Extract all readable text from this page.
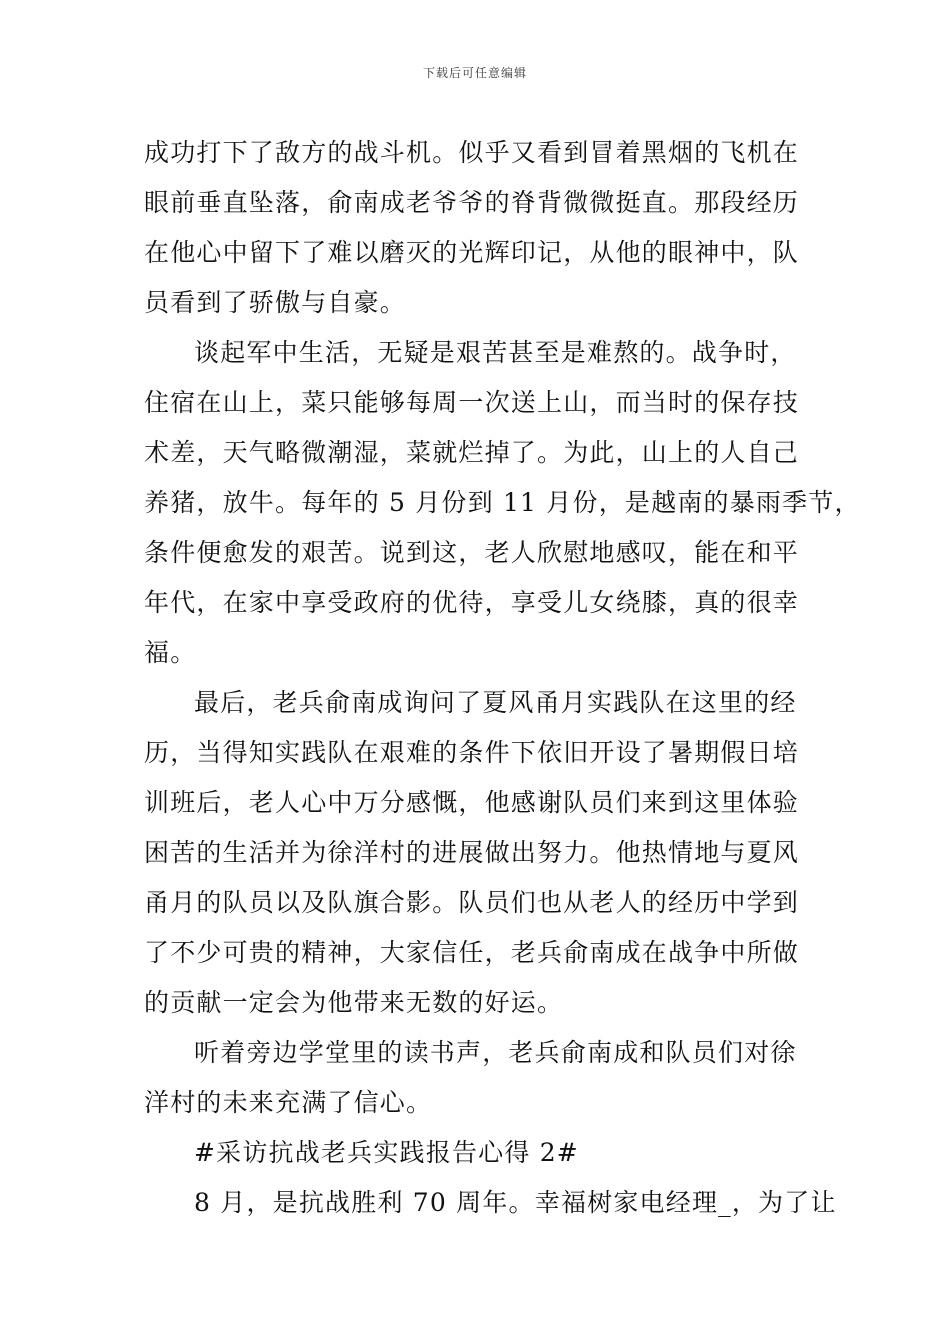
下载后可任意编辑
成功打下了敌方的战斗机。似乎又看到冒着黑烟的飞机在
眼前垂直坠落，俞南成老爷爷的脊背微微挺直。那段经历
在他心中留下了难以磨灭的光辉印记，从他的眼神中，队
员看到了骄傲与自豪。
谈起军中生活，无疑是艰苦甚至是难熬的。战争时，
住宿在山上，菜只能够每周一次送上山，而当时的保存技
术差，天气略微潮湿，菜就烂掉了。为此，山上的人自己
养猪，放牛。每年的 5 月份到 11 月份，是越南的暴雨季节，
条件便愈发的艰苦。说到这，老人欣慰地感叹，能在和平
年代，在家中享受政府的优待，享受儿女绕膝，真的很幸
福。
最后，老兵俞南成询问了夏风甬月实践队在这里的经
历，当得知实践队在艰难的条件下依旧开设了暑期假日培
训班后，老人心中万分感慨，他感谢队员们来到这里体验
困苦的生活并为徐洋村的进展做出努力。他热情地与夏风
甬月的队员以及队旗合影。队员们也从老人的经历中学到
了不少可贵的精神，大家信任，老兵俞南成在战争中所做
的贡献一定会为他带来无数的好运。
听着旁边学堂里的读书声，老兵俞南成和队员们对徐
洋村的未来充满了信心。
#采访抗战老兵实践报告心得 2#
8 月，是抗战胜利 70 周年。幸福树家电经理_，为了让
